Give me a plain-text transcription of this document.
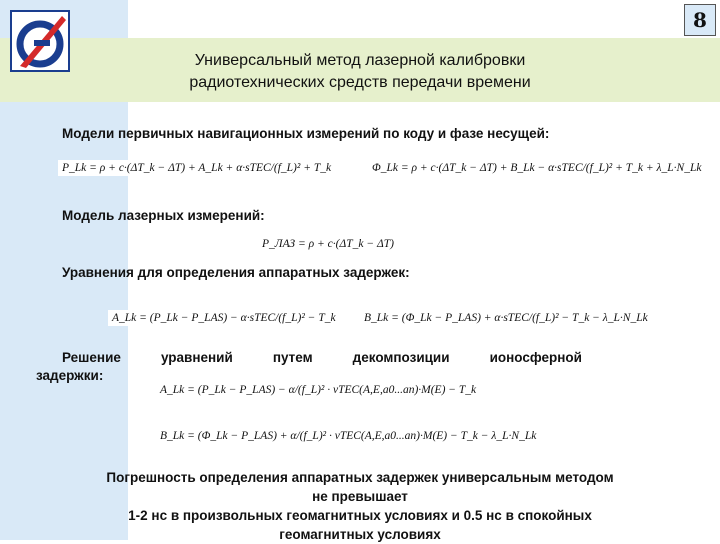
8
Универсальный метод лазерной калибровки
радиотехнических средств передачи времени
Модели первичных навигационных измерений по коду и фазе несущей:
P_Lk = ρ + c·(ΔT_k − ΔT) + A_Lk + α·sTEC/(f_L)² + T_k	Φ_Lk = ρ + c·(ΔT_k − ΔT) + B_Lk − α·sTEC/(f_L)² + T_k + λ_L·N_Lk
Модель лазерных измерений:
P_ЛАЗ = ρ + c·(ΔT_k − ΔT)
Уравнения для определения аппаратных задержек:
A_Lk = (P_Lk − P_LAS) − α·sTEC/(f_L)² − T_k	B_Lk = (Φ_Lk − P_LAS) + α·sTEC/(f_L)² − T_k − λ_L·N_Lk
Решение	уравнений	путем	декомпозиции	ионосферной
задержки:
A_Lk = (P_Lk − P_LAS) − α/(f_L)² · vTEC(A,E,a0...an)·M(E) − T_k
B_Lk = (Φ_Lk − P_LAS) + α/(f_L)² · vTEC(A,E,a0...an)·M(E) − T_k − λ_L·N_Lk
Погрешность определения аппаратных задержек универсальным методом
не превышает
1-2 нс в произвольных геомагнитных условиях и 0.5 нс в спокойных
геомагнитных условиях
